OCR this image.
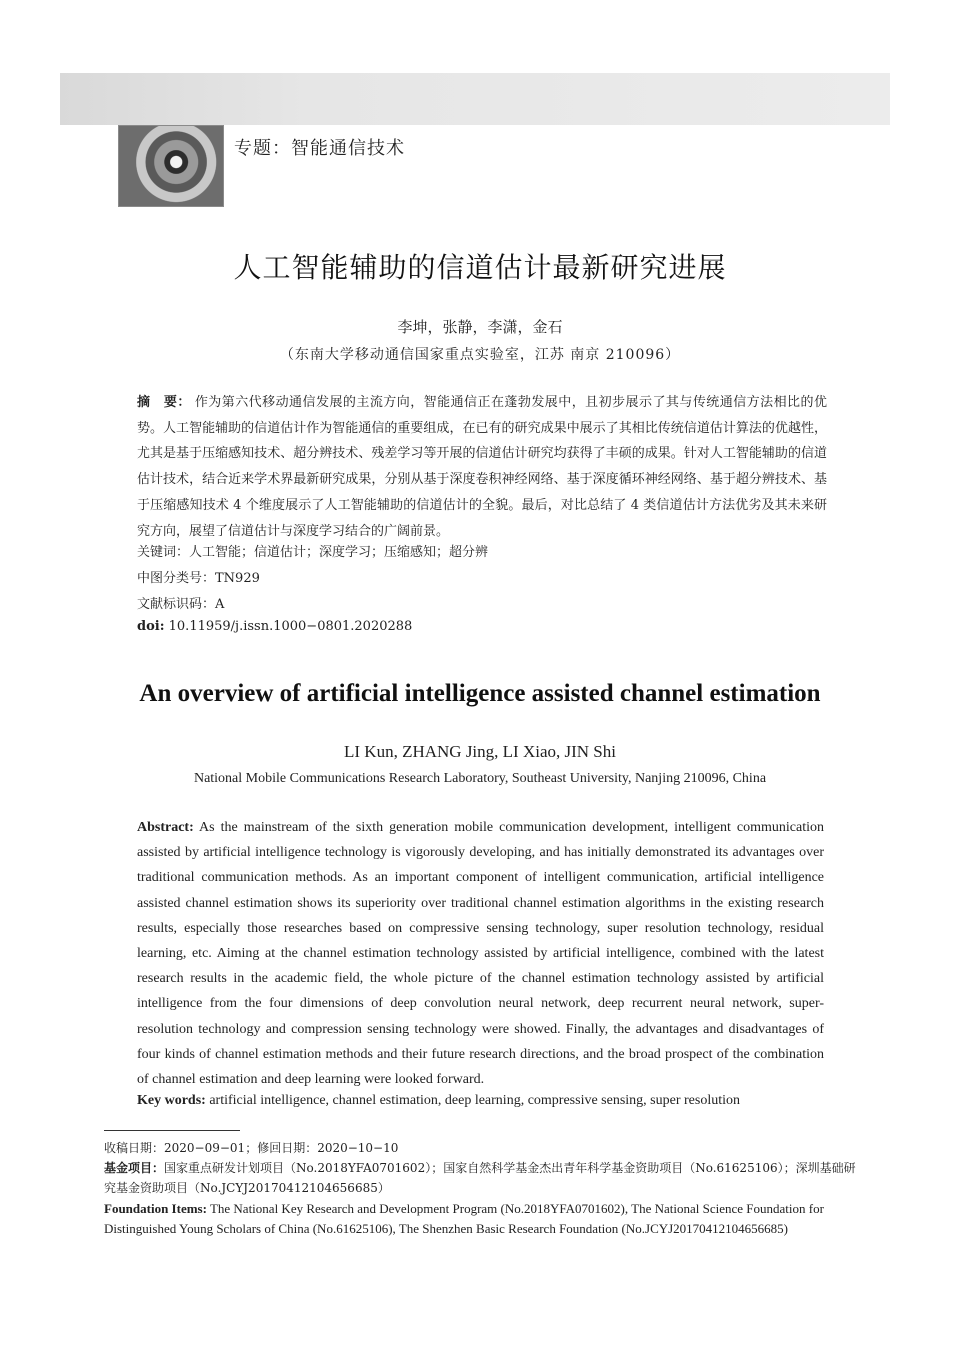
专题：智能通信技术
人工智能辅助的信道估计最新研究进展
李坤，张静，李潇，金石
（东南大学移动通信国家重点实验室，江苏 南京 210096）
摘　要： 作为第六代移动通信发展的主流方向，智能通信正在蓬勃发展中，且初步展示了其与传统通信方法相比的优势。人工智能辅助的信道估计作为智能通信的重要组成，在已有的研究成果中展示了其相比传统信道估计算法的优越性，尤其是基于压缩感知技术、超分辨技术、残差学习等开展的信道估计研究均获得了丰硕的成果。针对人工智能辅助的信道估计技术，结合近来学术界最新研究成果，分别从基于深度卷积神经网络、基于深度循环神经网络、基于超分辨技术、基于压缩感知技术 4 个维度展示了人工智能辅助的信道估计的全貌。最后，对比总结了 4 类信道估计方法优劣及其未来研究方向，展望了信道估计与深度学习结合的广阔前景。
关键词：人工智能；信道估计；深度学习；压缩感知；超分辨
中图分类号：TN929
文献标识码：A
doi: 10.11959/j.issn.1000−0801.2020288
An overview of artificial intelligence assisted channel estimation
LI Kun, ZHANG Jing, LI Xiao, JIN Shi
National Mobile Communications Research Laboratory, Southeast University, Nanjing 210096, China
Abstract: As the mainstream of the sixth generation mobile communication development, intelligent communication assisted by artificial intelligence technology is vigorously developing, and has initially demonstrated its advantages over traditional communication methods. As an important component of intelligent communication, artificial intelligence assisted channel estimation shows its superiority over traditional channel estimation algorithms in the existing research results, especially those researches based on compressive sensing technology, super resolution technology, residual learning, etc. Aiming at the channel estimation technology assisted by artificial intelligence, combined with the latest research results in the academic field, the whole picture of the channel estimation technology assisted by artificial intelligence from the four dimensions of deep convolution neural network, deep recurrent neural network, super-resolution technology and compression sensing technology were showed. Finally, the advantages and disadvantages of four kinds of channel estimation methods and their future research directions, and the broad prospect of the combination of channel estimation and deep learning were looked forward.
Key words: artificial intelligence, channel estimation, deep learning, compressive sensing, super resolution
收稿日期：2020−09−01；修回日期：2020−10−10
基金项目：国家重点研发计划项目（No.2018YFA0701602）；国家自然科学基金杰出青年科学基金资助项目（No.61625106）；深圳基础研究基金资助项目（No.JCYJ20170412104656685）
Foundation Items: The National Key Research and Development Program (No.2018YFA0701602), The National Science Foundation for Distinguished Young Scholars of China (No.61625106), The Shenzhen Basic Research Foundation (No.JCYJ20170412104656685)
